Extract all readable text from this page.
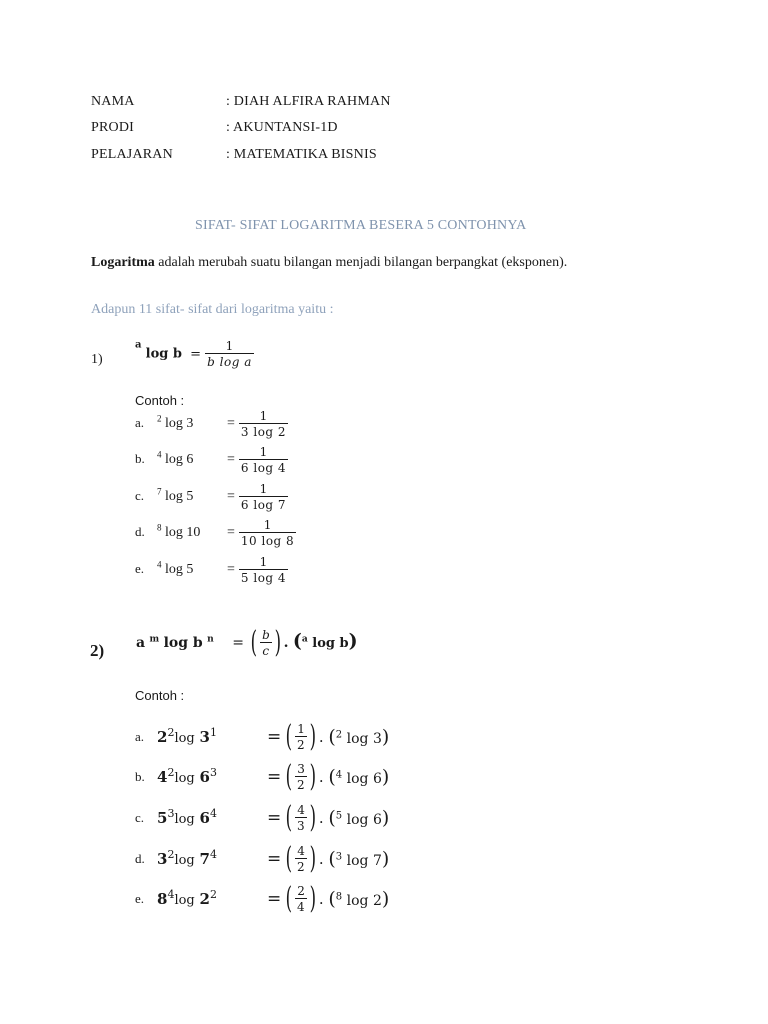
NAMA	: DIAH ALFIRA RAHMAN
PRODI	: AKUNTANSI-1D
PELAJARAN	: MATEMATIKA BISNIS
SIFAT- SIFAT LOGARITMA BESERA 5 CONTOHNYA
Logaritma adalah merubah suatu bilangan menjadi bilangan berpangkat (eksponen).
Adapun 11 sifat- sifat dari logaritma yaitu :
1)
$^a$ $\log b = \frac{1}{\text{b log a}}$
Contoh :
a. $^2$ $\log 3 = \frac{1}{3 \log 2}$
b. $^4$ $\log 6 = \frac{1}{6 \log 4}$
c. $^7$ $\log 5 = \frac{1}{6 \log 7}$
d. $^8$ $\log 10 = \frac{1}{10 \log 8}$
e. $^4$ $\log 5 = \frac{1}{5 \log 4}$
2) a $^m$ log b $^n$ = ( $\frac{b}{c}$ ) . ($^a$ log b)
Contoh :
a. $2^2\log$ $3^1$	= ( $\frac{1}{2}$ ) . ($^2$ log 3)
b. $4^2\log$ $6^3$	= ( $\frac{3}{2}$ ) . ($^4$ log 6)
c. $5^3\log$ $6^4$	= ( $\frac{4}{3}$ ) . ($^5$ log 6)
d. $3^2\log$ $7^4$	= ( $\frac{4}{2}$ ) . ($^3$ log 7)
e. $8^4\log$ $2^2$	= ( $\frac{2}{4}$ ) . ($^8$ log 2)
